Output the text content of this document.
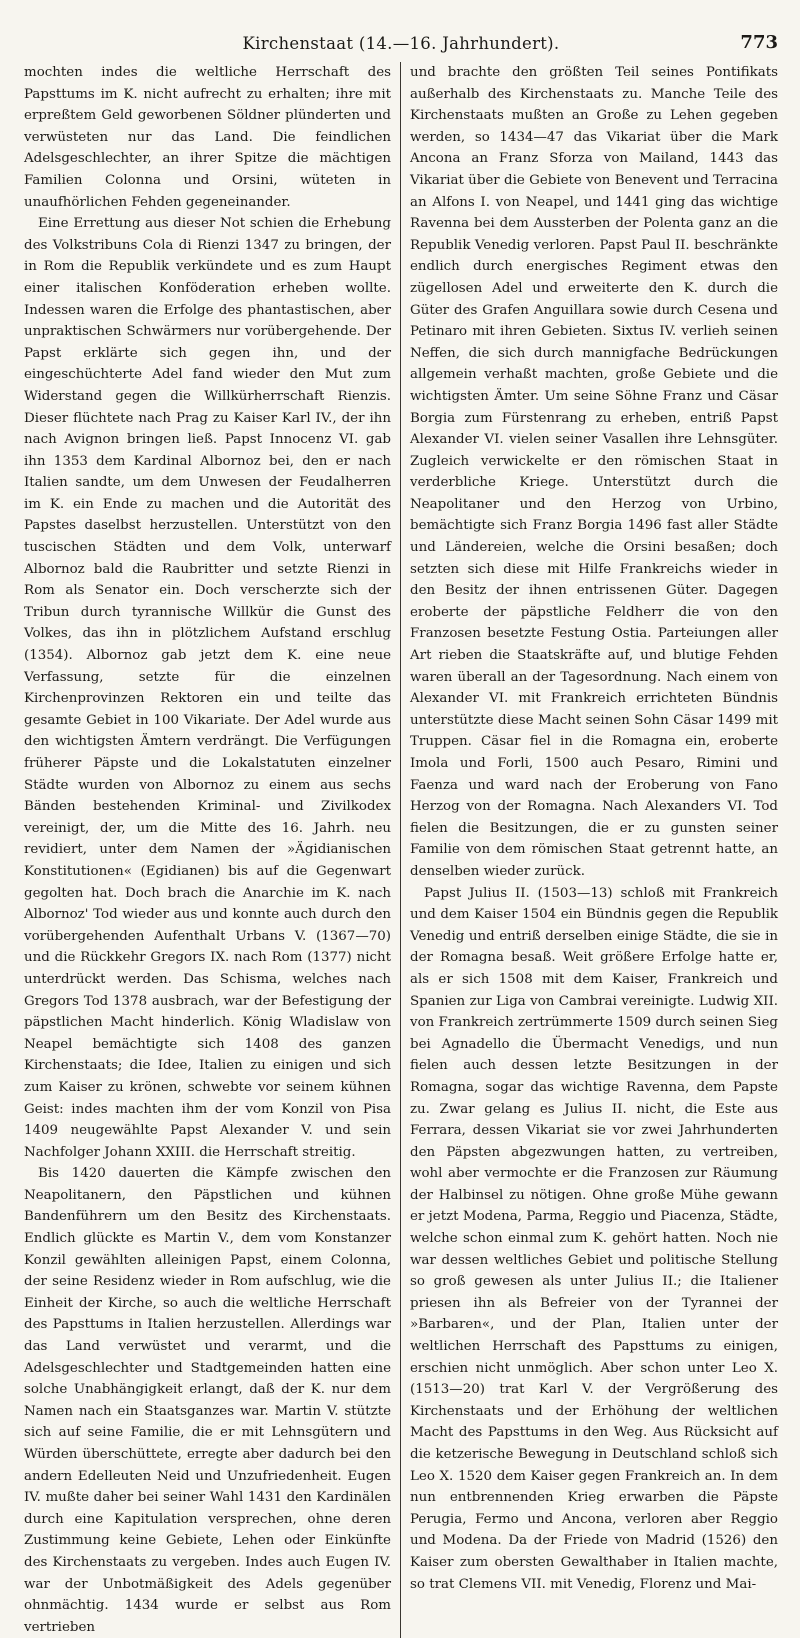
Kirchenstaat (14.—16. Jahrhundert).	773

mochten indes die weltliche Herrschaft des Papsttums im K. nicht aufrecht zu erhalten; ihre mit erpreßtem Geld geworbenen Söldner plünderten und verwüsteten nur das Land. Die feindlichen Adelsgeschlechter, an ihrer Spitze die mächtigen Familien Colonna und Orsini, wüteten in unaufhörlichen Fehden gegeneinander.

Eine Errettung aus dieser Not schien die Erhebung des Volkstribuns Cola di Rienzi 1347 zu bringen, der in Rom die Republik verkündete und es zum Haupt einer italischen Konföderation erheben wollte. Indessen waren die Erfolge des phantastischen, aber unpraktischen Schwärmers nur vorübergehende. Der Papst erklärte sich gegen ihn, und der eingeschüchterte Adel fand wieder den Mut zum Widerstand gegen die Willkürherrschaft Rienzis. Dieser flüchtete nach Prag zu Kaiser Karl IV., der ihn nach Avignon bringen ließ. Papst Innocenz VI. gab ihn 1353 dem Kardinal Albornoz bei, den er nach Italien sandte, um dem Unwesen der Feudalherren im K. ein Ende zu machen und die Autorität des Papstes daselbst herzustellen. Unterstützt von den tuscischen Städten und dem Volk, unterwarf Albornoz bald die Raubritter und setzte Rienzi in Rom als Senator ein. Doch verscherzte sich der Tribun durch tyrannische Willkür die Gunst des Volkes, das ihn in plötzlichem Aufstand erschlug (1354). Albornoz gab jetzt dem K. eine neue Verfassung, setzte für die einzelnen Kirchenprovinzen Rektoren ein und teilte das gesamte Gebiet in 100 Vikariate. Der Adel wurde aus den wichtigsten Ämtern verdrängt. Die Verfügungen früherer Päpste und die Lokalstatuten einzelner Städte wurden von Albornoz zu einem aus sechs Bänden bestehenden Kriminal- und Zivilkodex vereinigt, der, um die Mitte des 16. Jahrh. neu revidiert, unter dem Namen der »Ägidianischen Konstitutionen« (Egidianen) bis auf die Gegenwart gegolten hat. Doch brach die Anarchie im K. nach Albornoz' Tod wieder aus und konnte auch durch den vorübergehenden Aufenthalt Urbans V. (1367—70) und die Rückkehr Gregors IX. nach Rom (1377) nicht unterdrückt werden. Das Schisma, welches nach Gregors Tod 1378 ausbrach, war der Befestigung der päpstlichen Macht hinderlich. König Wladislaw von Neapel bemächtigte sich 1408 des ganzen Kirchenstaats; die Idee, Italien zu einigen und sich zum Kaiser zu krönen, schwebte vor seinem kühnen Geist: indes machten ihm der vom Konzil von Pisa 1409 neugewählte Papst Alexander V. und sein Nachfolger Johann XXIII. die Herrschaft streitig.

Bis 1420 dauerten die Kämpfe zwischen den Neapolitanern, den Päpstlichen und kühnen Bandenführern um den Besitz des Kirchenstaats. Endlich glückte es Martin V., dem vom Konstanzer Konzil gewählten alleinigen Papst, einem Colonna, der seine Residenz wieder in Rom aufschlug, wie die Einheit der Kirche, so auch die weltliche Herrschaft des Papsttums in Italien herzustellen. Allerdings war das Land verwüstet und verarmt, und die Adelsgeschlechter und Stadtgemeinden hatten eine solche Unabhängigkeit erlangt, daß der K. nur dem Namen nach ein Staatsganzes war. Martin V. stützte sich auf seine Familie, die er mit Lehnsgütern und Würden überschüttete, erregte aber dadurch bei den andern Edelleuten Neid und Unzufriedenheit. Eugen IV. mußte daher bei seiner Wahl 1431 den Kardinälen durch eine Kapitulation versprechen, ohne deren Zustimmung keine Gebiete, Lehen oder Einkünfte des Kirchenstaats zu vergeben. Indes auch Eugen IV. war der Unbotmäßigkeit des Adels gegenüber ohnmächtig. 1434 wurde er selbst aus Rom vertrieben

und brachte den größten Teil seines Pontifikats außerhalb des Kirchenstaats zu. Manche Teile des Kirchenstaats mußten an Große zu Lehen gegeben werden, so 1434—47 das Vikariat über die Mark Ancona an Franz Sforza von Mailand, 1443 das Vikariat über die Gebiete von Benevent und Terracina an Alfons I. von Neapel, und 1441 ging das wichtige Ravenna bei dem Aussterben der Polenta ganz an die Republik Venedig verloren. Papst Paul II. beschränkte endlich durch energisches Regiment etwas den zügellosen Adel und erweiterte den K. durch die Güter des Grafen Anguillara sowie durch Cesena und Petinaro mit ihren Gebieten. Sixtus IV. verlieh seinen Neffen, die sich durch mannigfache Bedrückungen allgemein verhaßt machten, große Gebiete und die wichtigsten Ämter. Um seine Söhne Franz und Cäsar Borgia zum Fürstenrang zu erheben, entriß Papst Alexander VI. vielen seiner Vasallen ihre Lehnsgüter. Zugleich verwickelte er den römischen Staat in verderbliche Kriege. Unterstützt durch die Neapolitaner und den Herzog von Urbino, bemächtigte sich Franz Borgia 1496 fast aller Städte und Ländereien, welche die Orsini besaßen; doch setzten sich diese mit Hilfe Frankreichs wieder in den Besitz der ihnen entrissenen Güter. Dagegen eroberte der päpstliche Feldherr die von den Franzosen besetzte Festung Ostia. Parteiungen aller Art rieben die Staatskräfte auf, und blutige Fehden waren überall an der Tagesordnung. Nach einem von Alexander VI. mit Frankreich errichteten Bündnis unterstützte diese Macht seinen Sohn Cäsar 1499 mit Truppen. Cäsar fiel in die Romagna ein, eroberte Imola und Forli, 1500 auch Pesaro, Rimini und Faenza und ward nach der Eroberung von Fano Herzog von der Romagna. Nach Alexanders VI. Tod fielen die Besitzungen, die er zu gunsten seiner Familie von dem römischen Staat getrennt hatte, an denselben wieder zurück.

Papst Julius II. (1503—13) schloß mit Frankreich und dem Kaiser 1504 ein Bündnis gegen die Republik Venedig und entriß derselben einige Städte, die sie in der Romagna besaß. Weit größere Erfolge hatte er, als er sich 1508 mit dem Kaiser, Frankreich und Spanien zur Liga von Cambrai vereinigte. Ludwig XII. von Frankreich zertrümmerte 1509 durch seinen Sieg bei Agnadello die Übermacht Venedigs, und nun fielen auch dessen letzte Besitzungen in der Romagna, sogar das wichtige Ravenna, dem Papste zu. Zwar gelang es Julius II. nicht, die Este aus Ferrara, dessen Vikariat sie vor zwei Jahrhunderten den Päpsten abgezwungen hatten, zu vertreiben, wohl aber vermochte er die Franzosen zur Räumung der Halbinsel zu nötigen. Ohne große Mühe gewann er jetzt Modena, Parma, Reggio und Piacenza, Städte, welche schon einmal zum K. gehört hatten. Noch nie war dessen weltliches Gebiet und politische Stellung so groß gewesen als unter Julius II.; die Italiener priesen ihn als Befreier von der Tyrannei der »Barbaren«, und der Plan, Italien unter der weltlichen Herrschaft des Papsttums zu einigen, erschien nicht unmöglich. Aber schon unter Leo X. (1513—20) trat Karl V. der Vergrößerung des Kirchenstaats und der Erhöhung der weltlichen Macht des Papsttums in den Weg. Aus Rücksicht auf die ketzerische Bewegung in Deutschland schloß sich Leo X. 1520 dem Kaiser gegen Frankreich an. In dem nun entbrennenden Krieg erwarben die Päpste Perugia, Fermo und Ancona, verloren aber Reggio und Modena. Da der Friede von Madrid (1526) den Kaiser zum obersten Gewalthaber in Italien machte, so trat Clemens VII. mit Venedig, Florenz und Mai-
